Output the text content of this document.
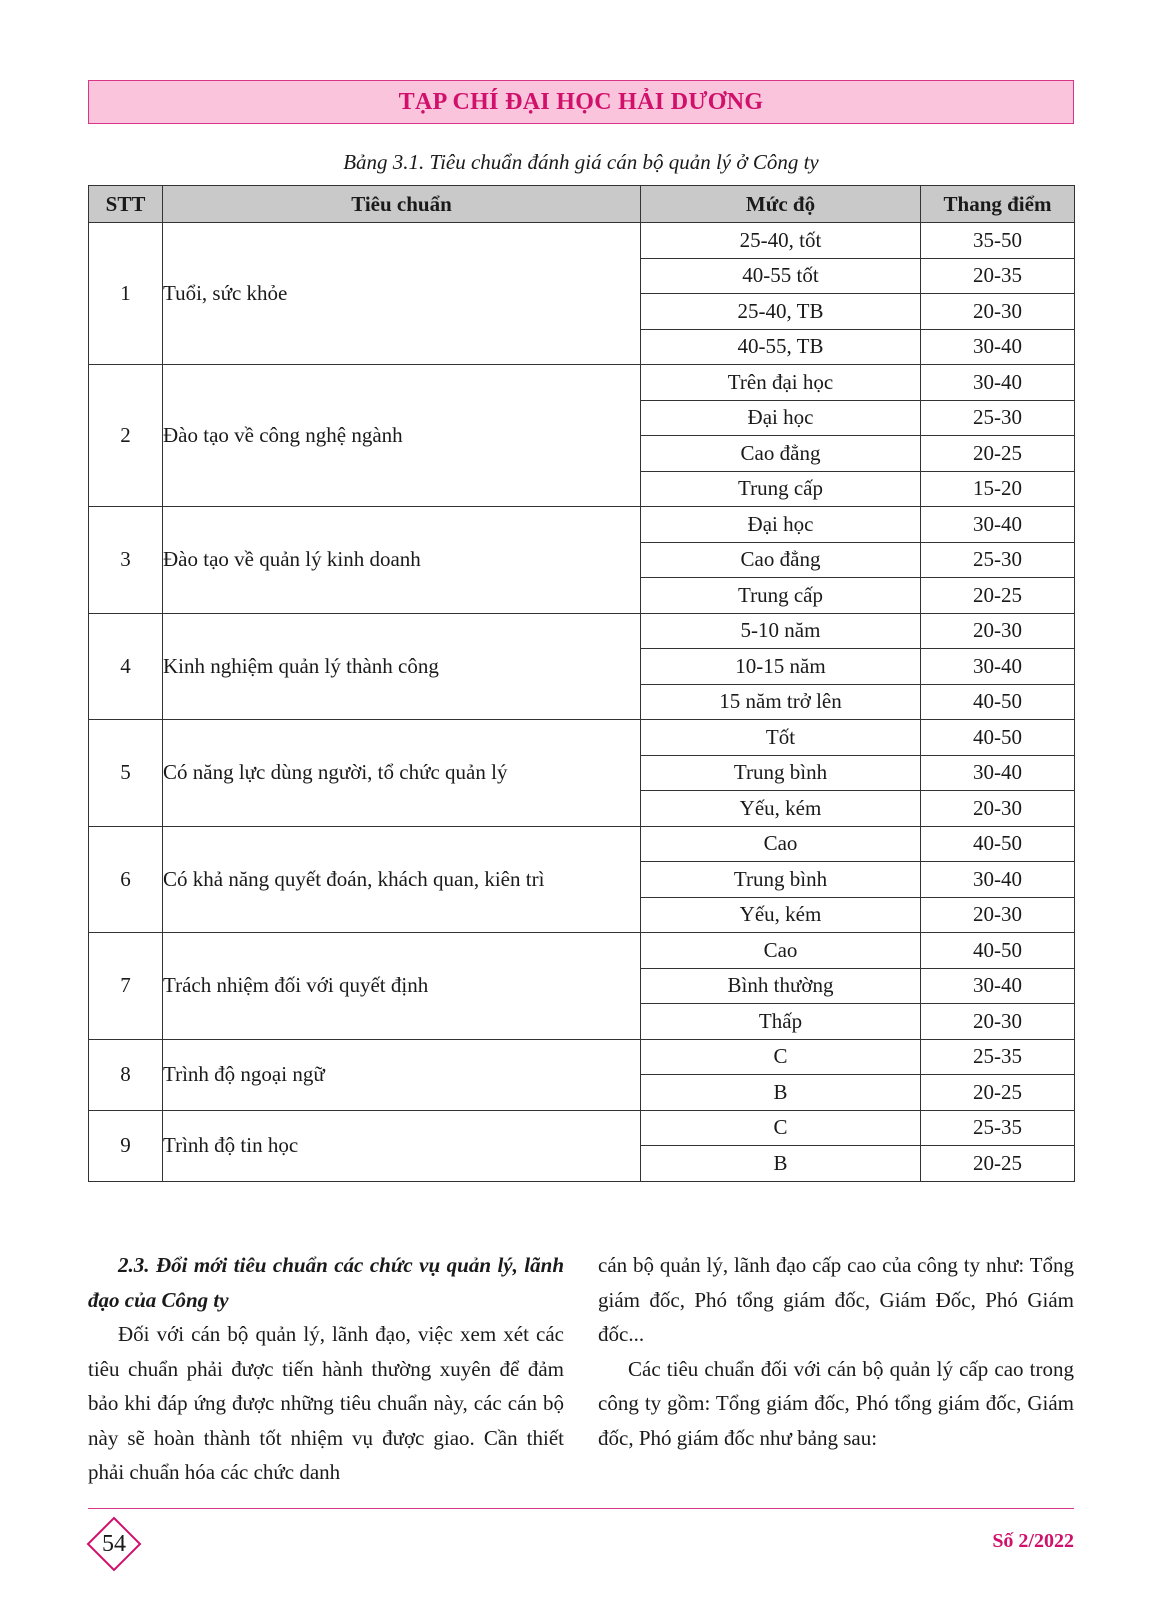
TẠP CHÍ ĐẠI HỌC HẢI DƯƠNG
Bảng 3.1. Tiêu chuẩn đánh giá cán bộ quản lý ở Công ty
STT	Tiêu chuẩn	Mức độ	Thang điểm
1	Tuổi, sức khỏe	25-40, tốt	35-50
		40-55 tốt	20-35
		25-40, TB	20-30
		40-55, TB	30-40
2	Đào tạo về công nghệ ngành	Trên đại học	30-40
		Đại học	25-30
		Cao đẳng	20-25
		Trung cấp	15-20
3	Đào tạo về quản lý kinh doanh	Đại học	30-40
		Cao đẳng	25-30
		Trung cấp	20-25
4	Kinh nghiệm quản lý thành công	5-10 năm	20-30
		10-15 năm	30-40
		15 năm trở lên	40-50
5	Có năng lực dùng người, tổ chức quản lý	Tốt	40-50
		Trung bình	30-40
		Yếu, kém	20-30
6	Có khả năng quyết đoán, khách quan, kiên trì	Cao	40-50
		Trung bình	30-40
		Yếu, kém	20-30
7	Trách nhiệm đối với quyết định	Cao	40-50
		Bình thường	30-40
		Thấp	20-30
8	Trình độ ngoại ngữ	C	25-35
		B	20-25
9	Trình độ tin học	C	25-35
		B	20-25

2.3. Đổi mới tiêu chuẩn các chức vụ quản lý, lãnh đạo của Công ty

Đối với cán bộ quản lý, lãnh đạo, việc xem xét các tiêu chuẩn phải được tiến hành thường xuyên để đảm bảo khi đáp ứng được những tiêu chuẩn này, các cán bộ này sẽ hoàn thành tốt nhiệm vụ được giao. Cần thiết phải chuẩn hóa các chức danh

cán bộ quản lý, lãnh đạo cấp cao của công ty như: Tổng giám đốc, Phó tổng giám đốc, Giám Đốc, Phó Giám đốc...

Các tiêu chuẩn đối với cán bộ quản lý cấp cao trong công ty gồm: Tổng giám đốc, Phó tổng giám đốc, Giám đốc, Phó giám đốc như bảng sau:

54	Số 2/2022
